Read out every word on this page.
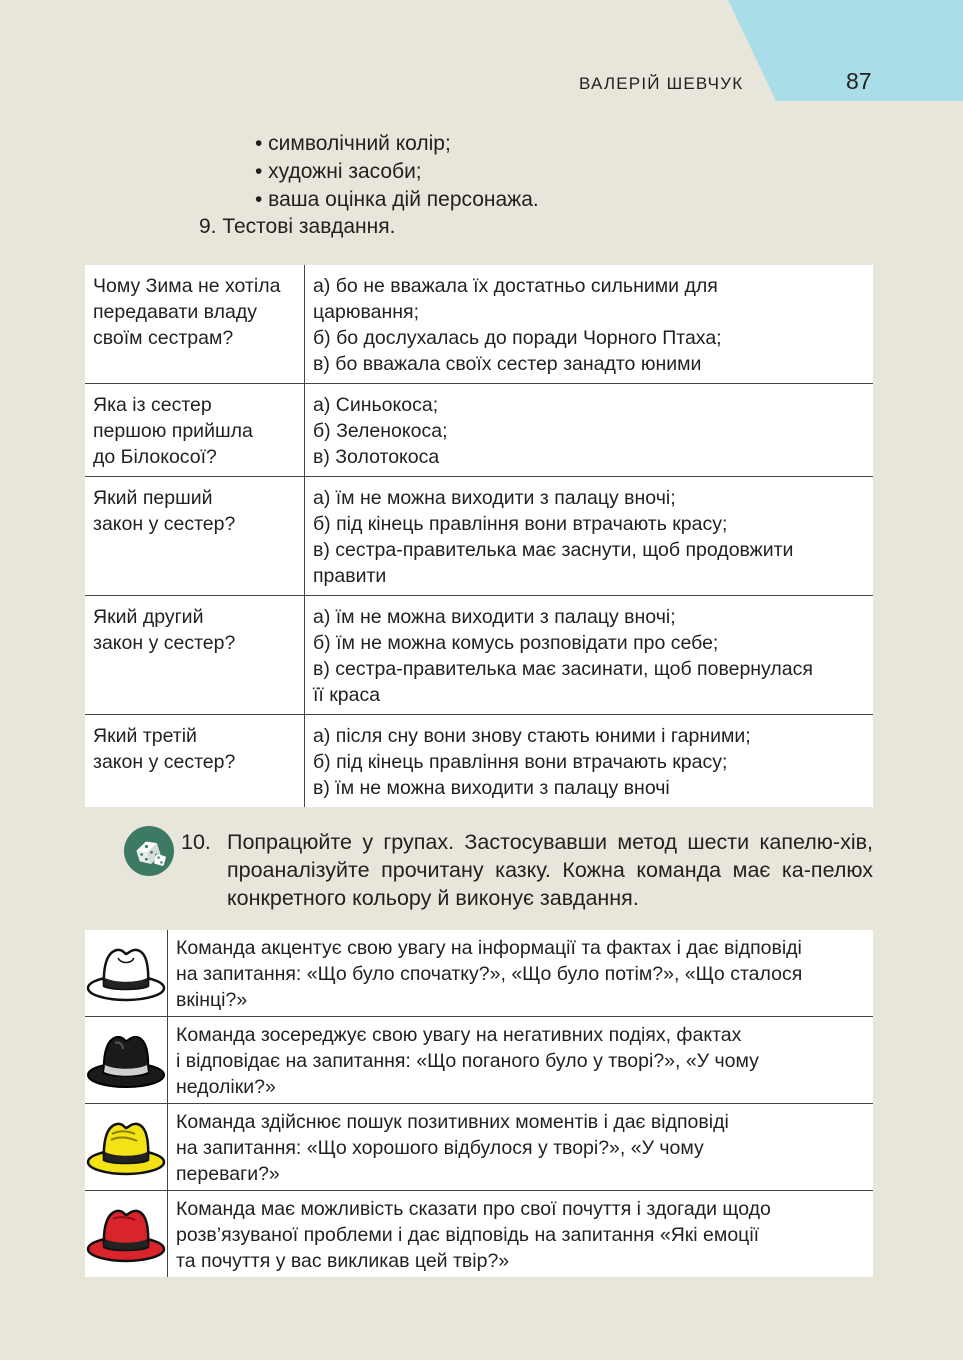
ВАЛЕРІЙ ШЕВЧУК	87
• символічний колір;
• художні засоби;
• ваша оцінка дій персонажа.
9. Тестові завдання.
Чому Зима не хотіла
передавати владу
своїм сестрам?	а) бо не вважала їх достатньо сильними для
царювання;
б) бо дослухалась до поради Чорного Птаха;
в) бо вважала своїх сестер занадто юними

Яка із сестер
першою прийшла
до Білокосої?	а) Синьокоса;
б) Зеленокоса;
в) Золотокоса

Який перший
закон у сестер?	а) їм не можна виходити з палацу вночі;
б) під кінець правління вони втрачають красу;
в) сестра-правителька має заснути, щоб продовжити
правити

Який другий
закон у сестер?	а) їм не можна виходити з палацу вночі;
б) їм не можна комусь розповідати про себе;
в) сестра-правителька має засинати, щоб повернулася
її краса

Який третій
закон у сестер?	а) після сну вони знову стають юними і гарними;
б) під кінець правління вони втрачають красу;
в) їм не можна виходити з палацу вночі
10. Попрацюйте у групах. Застосувавши метод шести капелю-хів, проаналізуйте прочитану казку. Кожна команда має ка-пелюх конкретного кольору й виконує завдання.

Команда акцентує свою увагу на інформації та фактах і дає відповіді
на запитання: «Що було спочатку?», «Що було потім?», «Що сталося
вкінці?»

Команда зосереджує свою увагу на негативних подіях, фактах
і відповідає на запитання: «Що поганого було у творі?», «У чому
недоліки?»

Команда здійснює пошук позитивних моментів і дає відповіді
на запитання: «Що хорошого відбулося у творі?», «У чому
переваги?»

Команда має можливість сказати про свої почуття і здогади щодо
розв’язуваної проблеми і дає відповідь на запитання «Які емоції
та почуття у вас викликав цей твір?»
